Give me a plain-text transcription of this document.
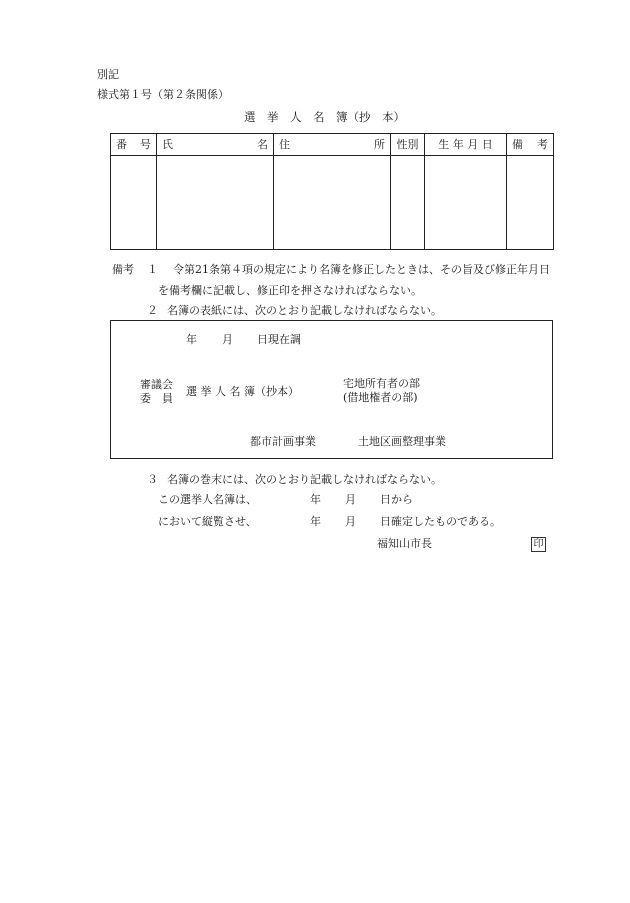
別記
様式第１号（第２条関係）
選　挙　人　名　簿（抄　本）
番 号	氏 名	住 所	性別	生 年 月 日	備 考

備考 １ 令第21条第４項の規定により名簿を修正したときは、その旨及び修正年月日
を備考欄に記載し、修正印を押さなければならない。
２ 名簿の表紙には、次のとおり記載しなければならない。
年 月 日現在調
審議会
委　員
選 挙 人 名 簿（抄本）
宅地所有者の部
(借地権者の部)
都市計画事業	土地区画整理事業
３ 名簿の巻末には、次のとおり記載しなければならない。
この選挙人名簿は、	年 月 日から
において縦覧させ、	年 月 日確定したものである。
福知山市長	印
